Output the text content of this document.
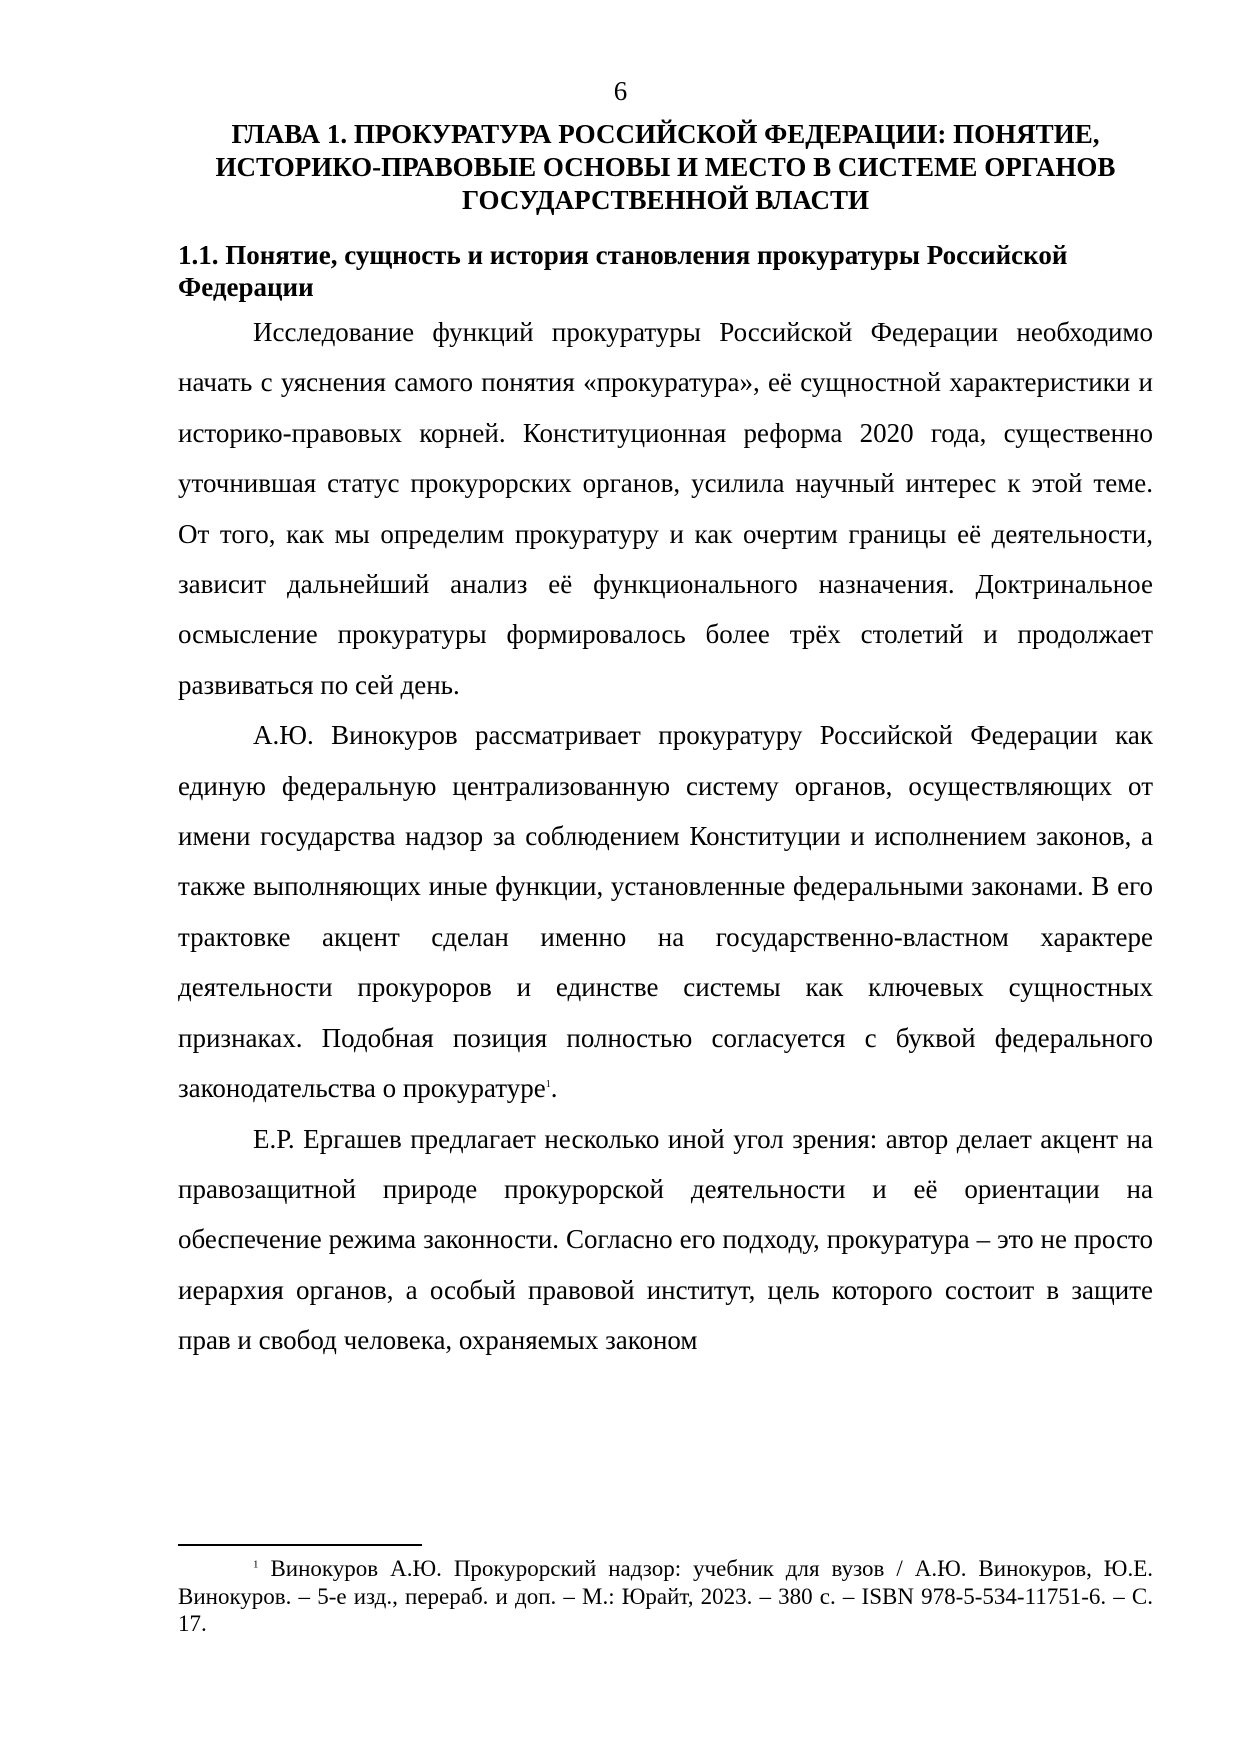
6
ГЛАВА 1. ПРОКУРАТУРА РОССИЙСКОЙ ФЕДЕРАЦИИ: ПОНЯТИЕ, ИСТОРИКО-ПРАВОВЫЕ ОСНОВЫ И МЕСТО В СИСТЕМЕ ОРГАНОВ ГОСУДАРСТВЕННОЙ ВЛАСТИ
1.1. Понятие, сущность и история становления прокуратуры Российской Федерации

Исследование функций прокуратуры Российской Федерации необходимо начать с уяснения самого понятия «прокуратура», её сущностной характеристики и историко-правовых корней. Конституционная реформа 2020 года, существенно уточнившая статус прокурорских органов, усилила научный интерес к этой теме. От того, как мы определим прокуратуру и как очертим границы её деятельности, зависит дальнейший анализ её функционального назначения. Доктринальное осмысление прокуратуры формировалось более трёх столетий и продолжает развиваться по сей день.

А.Ю. Винокуров рассматривает прокуратуру Российской Федерации как единую федеральную централизованную систему органов, осуществляющих от имени государства надзор за соблюдением Конституции и исполнением законов, а также выполняющих иные функции, установленные федеральными законами. В его трактовке акцент сделан именно на государственно-властном характере деятельности прокуроров и единстве системы как ключевых сущностных признаках. Подобная позиция полностью согласуется с буквой федерального законодательства о прокуратуре$^1$.

Е.Р. Ергашев предлагает несколько иной угол зрения: автор делает акцент на правозащитной природе прокурорской деятельности и её ориентации на обеспечение режима законности. Согласно его подходу, прокуратура – это не просто иерархия органов, а особый правовой институт, цель которого состоит в защите прав и свобод человека, охраняемых законом

$^1$ Винокуров А.Ю. Прокурорский надзор: учебник для вузов / А.Ю. Винокуров, Ю.Е. Винокуров. – 5-е изд., перераб. и доп. – М.: Юрайт, 2023. – 380 с. – ISBN 978-5-534-11751-6. – С. 17.
